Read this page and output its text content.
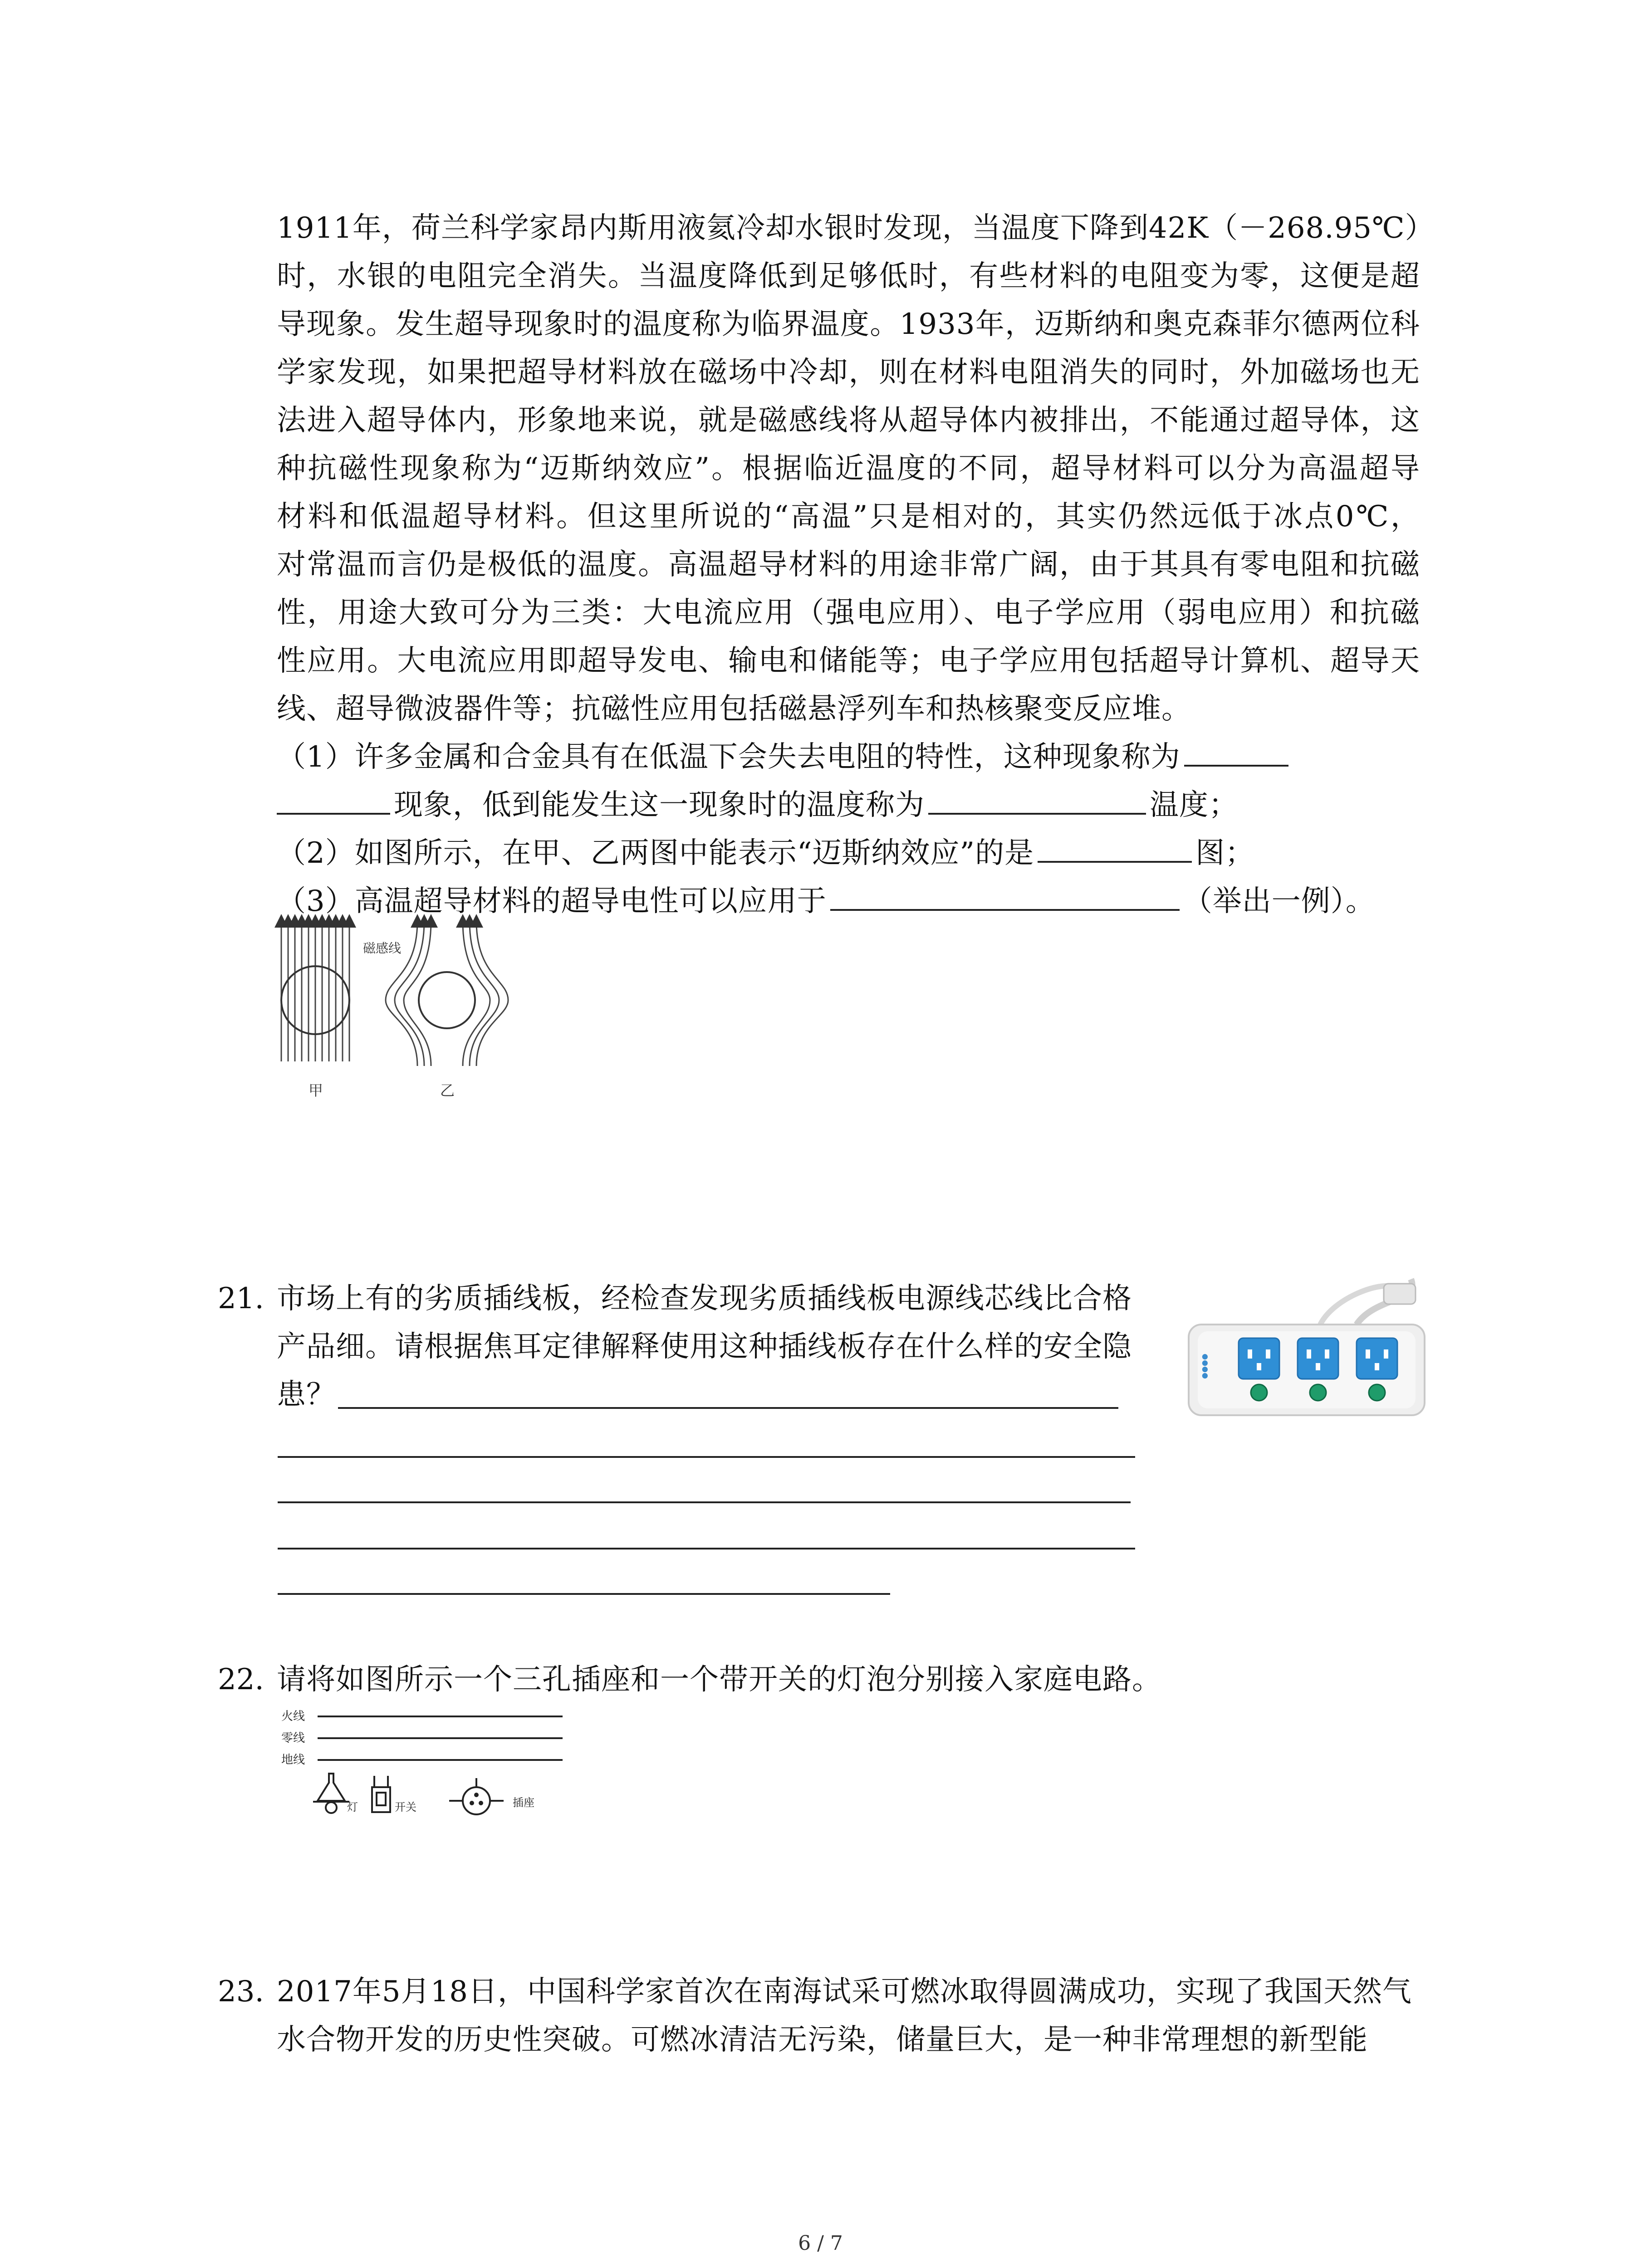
1911年，荷兰科学家昂内斯用液氦冷却水银时发现，当温度下降到42K（－268.95℃）
时，水银的电阻完全消失。当温度降低到足够低时，有些材料的电阻变为零，这便是超
导现象。发生超导现象时的温度称为临界温度。1933年，迈斯纳和奥克森菲尔德两位科
学家发现，如果把超导材料放在磁场中冷却，则在材料电阻消失的同时，外加磁场也无
法进入超导体内，形象地来说，就是磁感线将从超导体内被排出，不能通过超导体，这
种抗磁性现象称为“迈斯纳效应”。根据临近温度的不同，超导材料可以分为高温超导
材料和低温超导材料。但这里所说的“高温”只是相对的，其实仍然远低于冰点0℃，
对常温而言仍是极低的温度。高温超导材料的用途非常广阔，由于其具有零电阻和抗磁
性，用途大致可分为三类：大电流应用（强电应用）、电子学应用（弱电应用）和抗磁
性应用。大电流应用即超导发电、输电和储能等；电子学应用包括超导计算机、超导天
线、超导微波器件等；抗磁性应用包括磁悬浮列车和热核聚变反应堆。
（1）许多金属和合金具有在低温下会失去电阻的特性，这种现象称为
现象，低到能发生这一现象时的温度称为	温度；
（2）如图所示，在甲、乙两图中能表示“迈斯纳效应”的是	图；
（3）高温超导材料的超导电性可以应用于	（举出一例）。
磁感线
甲	乙
21. 市场上有的劣质插线板，经检查发现劣质插线板电源线芯线比合格
产品细。请根据焦耳定律解释使用这种插线板存在什么样的安全隐
患？
●●●●
22. 请将如图所示一个三孔插座和一个带开关的灯泡分别接入家庭电路。
火线
零线
地线
灯	开关	插座
23. 2017年5月18日，中国科学家首次在南海试采可燃冰取得圆满成功，实现了我国天然气
水合物开发的历史性突破。可燃冰清洁无污染，储量巨大，是一种非常理想的新型能
6 / 7
